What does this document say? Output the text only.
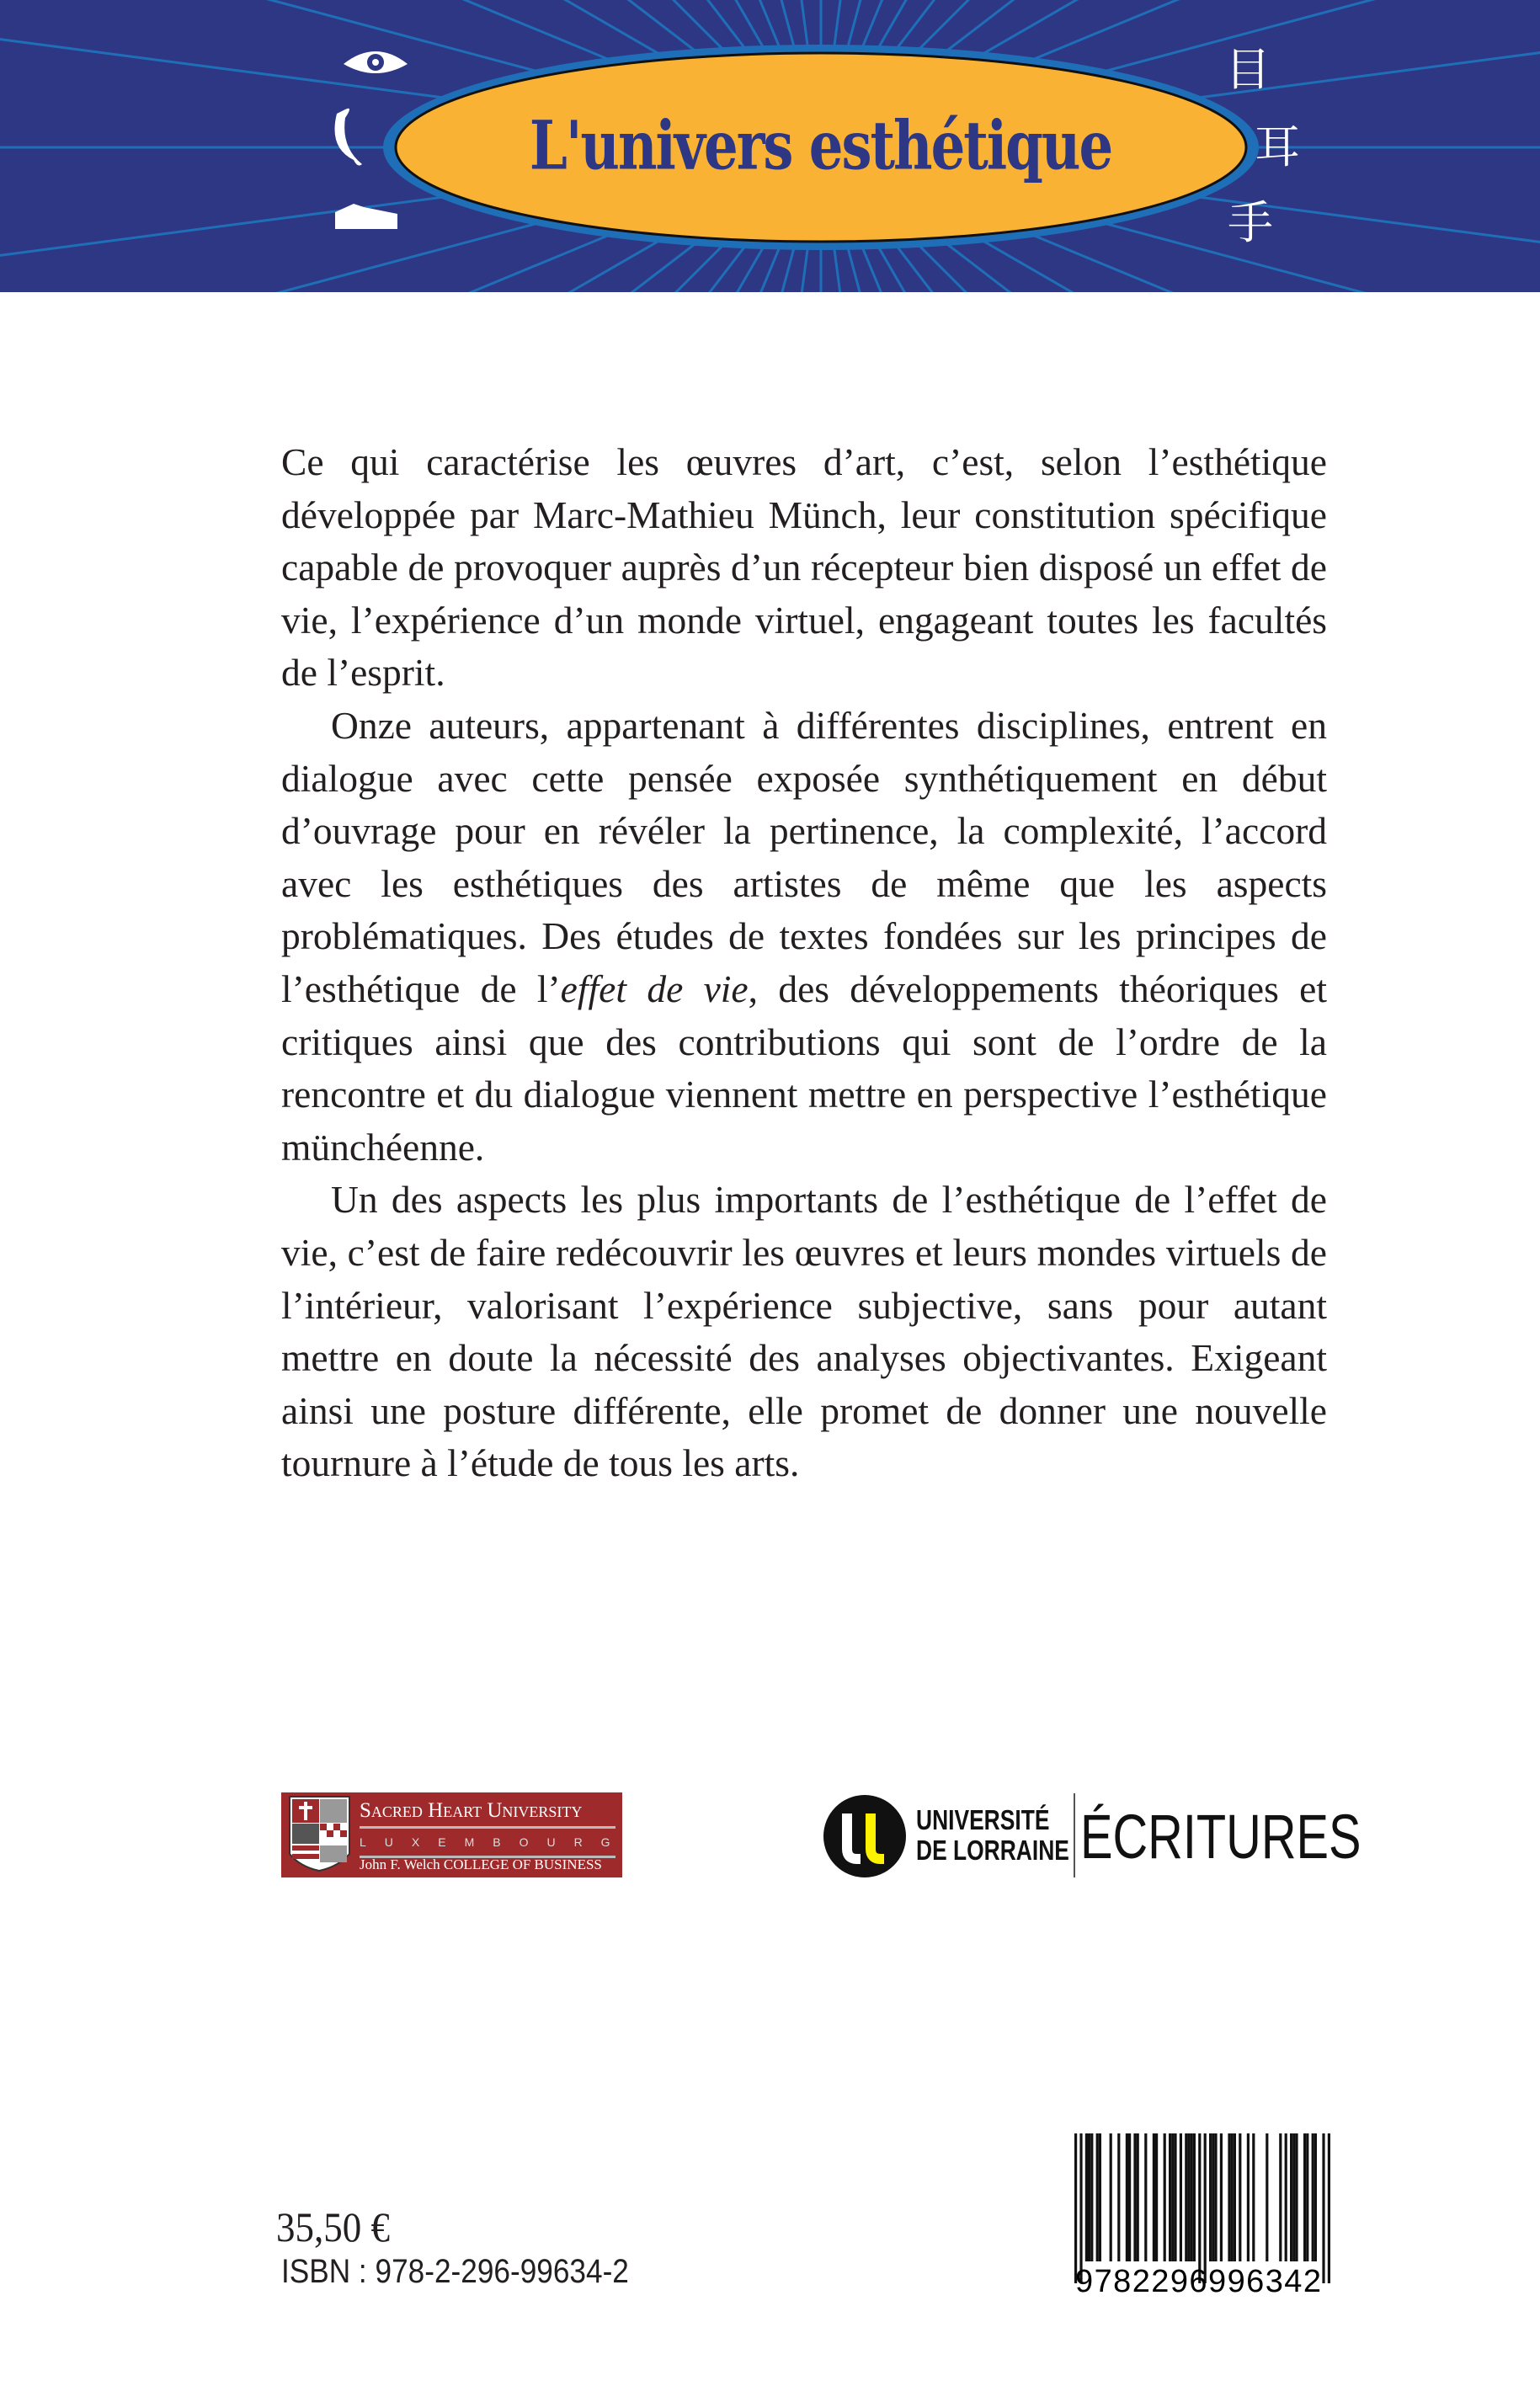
L'univers esthétique
目
耳
手

Ce qui caractérise les œuvres d’art, c’est, selon l’esthétique développée par Marc-Mathieu Münch, leur constitution spécifique capable de provoquer auprès d’un récepteur bien disposé un effet de vie, l’expérience d’un monde virtuel, engageant toutes les facultés de l’esprit.

Onze auteurs, appartenant à différentes disciplines, entrent en dialogue avec cette pensée exposée synthétiquement en début d’ouvrage pour en révéler la pertinence, la complexité, l’accord avec les esthétiques des artistes de même que les aspects problématiques. Des études de textes fondées sur les principes de l’esthétique de l’effet de vie, des développements théoriques et critiques ainsi que des contributions qui sont de l’ordre de la rencontre et du dialogue viennent mettre en perspective l’esthétique münchéenne.

Un des aspects les plus importants de l’esthétique de l’effet de vie, c’est de faire redécouvrir les œuvres et leurs mondes virtuels de l’intérieur, valorisant l’expérience subjective, sans pour autant mettre en doute la nécessité des analyses objectivantes. Exigeant ainsi une posture différente, elle promet de donner une nouvelle tournure à l’étude de tous les arts.

Sacred Heart University
LUXEMBOURG
John F. Welch COLLEGE OF BUSINESS
UNIVERSITÉ
DE LORRAINE ÉCRITURES
35,50 €
ISBN : 978-2-296-99634-2	9782296996342
